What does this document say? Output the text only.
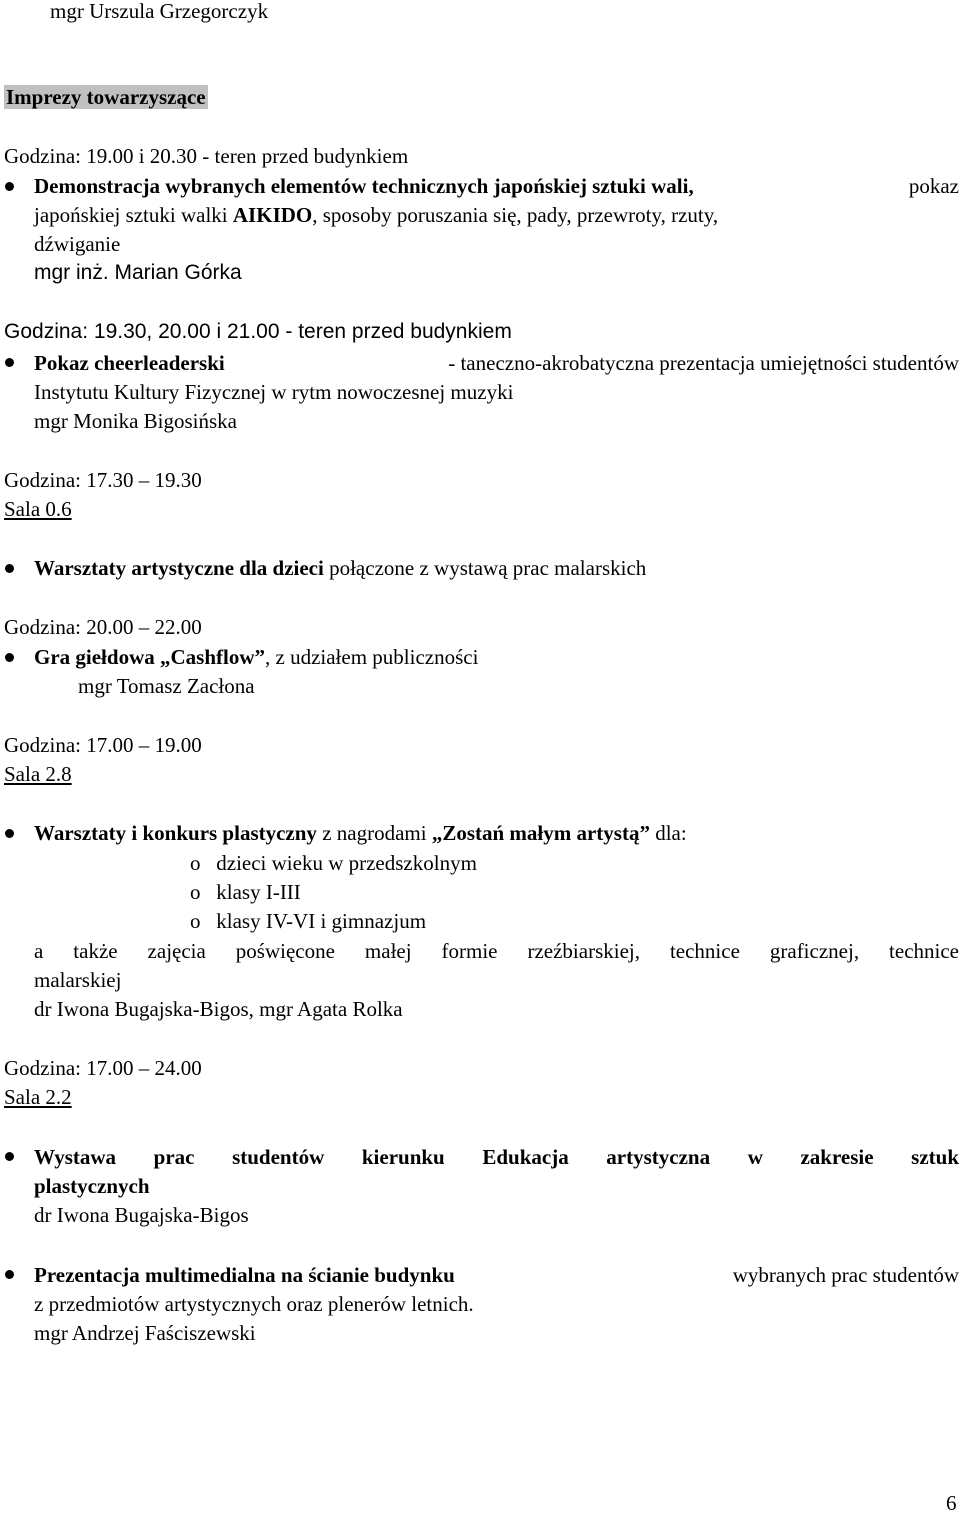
mgr Urszula Grzegorczyk
Imprezy towarzyszące
Godzina: 19.00 i 20.30 - teren przed budynkiem
Demonstracja wybranych elementów technicznych japońskiej sztuki wali,	pokaz
japońskiej sztuki walki AIKIDO , sposoby poruszania się, pady, przewroty, rzuty,
dźwiganie
mgr inż. Marian Górka
Godzina: 19.30, 20.00 i 21.00 - teren przed budynkiem
Pokaz cheerleaderski	- taneczno-akrobatyczna prezentacja umiejętności studentów
Instytutu Kultury Fizycznej w rytm nowoczesnej muzyki
mgr Monika Bigosińska
Godzina: 17.30 – 19.30
Sala 0.6
Warsztaty artystyczne dla dzieci połączone z wystawą prac malarskich
Godzina: 20.00 – 22.00
Gra giełdowa „Cashflow”, z udziałem publiczności
mgr Tomasz Zacłona
Godzina: 17.00 – 19.00
Sala 2.8
Warsztaty i konkurs plastyczny z nagrodami „Zostań małym artystą” dla:
o dzieci wieku w przedszkolnym
o klasy I-III
o klasy IV-VI i gimnazjum
a także zajęcia poświęcone małej formie rzeźbiarskiej, technice graficznej, technice
malarskiej
dr Iwona Bugajska-Bigos, mgr Agata Rolka
Godzina: 17.00 – 24.00
Sala 2.2
Wystawa prac studentów kierunku Edukacja artystyczna w zakresie sztuk
plastycznych
dr Iwona Bugajska-Bigos
Prezentacja multimedialna na ścianie budynku	wybranych prac studentów
z przedmiotów artystycznych oraz plenerów letnich.
mgr Andrzej Faściszewski
6
